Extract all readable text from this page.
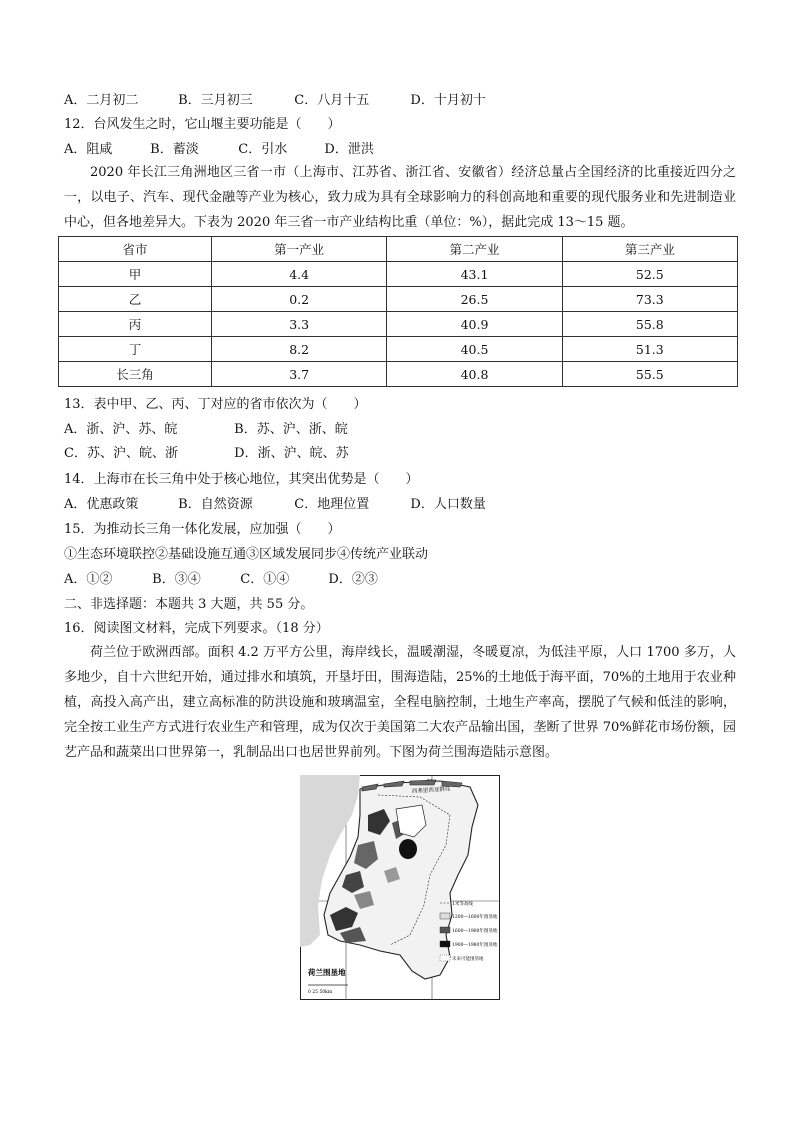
A．二月初二	B．三月初三	C．八月十五	D．十月初十
12．台风发生之时，它山堰主要功能是（　　）
A．阻咸	B．蓄淡	C．引水	D．泄洪
2020 年长江三角洲地区三省一市（上海市、江苏省、浙江省、安徽省）经济总量占全国经济的比重接近四分之一，以电子、汽车、现代金融等产业为核心，致力成为具有全球影响力的科创高地和重要的现代服务业和先进制造业中心，但各地差异大。下表为 2020 年三省一市产业结构比重（单位：%），据此完成 13～15 题。
省市	第一产业	第二产业	第三产业
甲	4.4	43.1	52.5
乙	0.2	26.5	73.3
丙	3.3	40.9	55.8
丁	8.2	40.5	51.3
长三角	3.7	40.8	55.5
13．表中甲、乙、丙、丁对应的省市依次为（　　）
A．浙、沪、苏、皖	B．苏、沪、浙、皖
C．苏、沪、皖、浙	D．浙、沪、皖、苏
14．上海市在长三角中处于核心地位，其突出优势是（　　）
A．优惠政策	B．自然资源	C．地理位置	D．人口数量
15．为推动长三角一体化发展，应加强（　　）
①生态环境联控②基础设施互通③区域发展同步④传统产业联动
A．①②	B．③④	C．①④	D．②③
二、非选择题：本题共 3 大题，共 55 分。
16．阅读图文材料，完成下列要求。（18 分）
荷兰位于欧洲西部。面积 4.2 万平方公里，海岸线长，温暖潮湿，冬暖夏凉，为低洼平原，人口 1700 多万，人多地少，自十六世纪开始，通过排水和填筑，开垦圩田，围海造陆，25%的土地低于海平面，70%的土地用于农业种植，高投入高产出，建立高标准的防洪设施和玻璃温室，全程电脑控制，土地生产率高，摆脱了气候和低洼的影响，完全按工业生产方式进行农业生产和管理，成为仅次于美国第二大农产品输出国，垄断了世界 70%鲜花市场份额，园艺产品和蔬菜出口世界第一，乳制品出口也居世界前列。下图为荷兰围海造陆示意图。
西弗里西亚群岛
1米等高线
1200—1600年围垦地
1600—1900年围垦地
1900—1980年围垦地
未来可能围垦地
荷兰围垦地
0 25 50km
